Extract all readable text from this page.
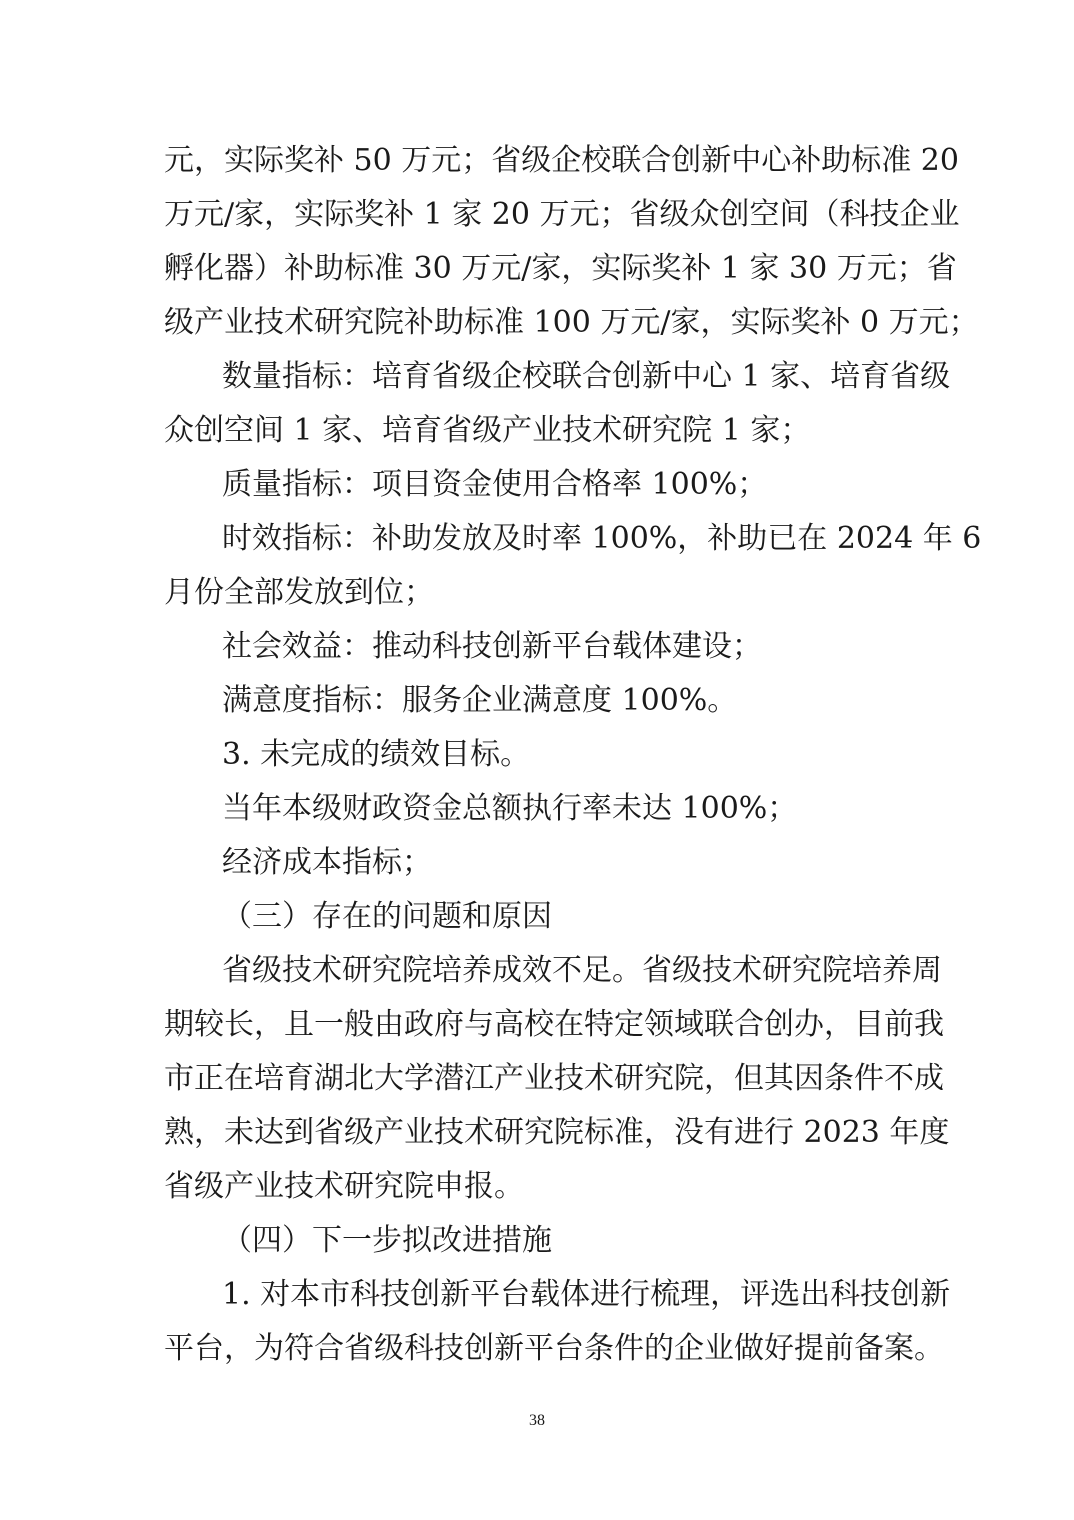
元，实际奖补 50 万元；省级企校联合创新中心补助标准 20
万元/家，实际奖补 1 家 20 万元；省级众创空间（科技企业
孵化器）补助标准 30 万元/家，实际奖补 1 家 30 万元；省
级产业技术研究院补助标准 100 万元/家，实际奖补 0 万元；
数量指标：培育省级企校联合创新中心 1 家、培育省级
众创空间 1 家、培育省级产业技术研究院 1 家；
质量指标：项目资金使用合格率 100%；
时效指标：补助发放及时率 100%，补助已在 2024 年 6
月份全部发放到位；
社会效益：推动科技创新平台载体建设；
满意度指标：服务企业满意度 100%。
3. 未完成的绩效目标。
当年本级财政资金总额执行率未达 100%；
经济成本指标；
（三）存在的问题和原因
省级技术研究院培养成效不足。省级技术研究院培养周
期较长，且一般由政府与高校在特定领域联合创办，目前我
市正在培育湖北大学潜江产业技术研究院，但其因条件不成
熟，未达到省级产业技术研究院标准，没有进行 2023 年度
省级产业技术研究院申报。
（四）下一步拟改进措施
1. 对本市科技创新平台载体进行梳理，评选出科技创新
平台，为符合省级科技创新平台条件的企业做好提前备案。
38
